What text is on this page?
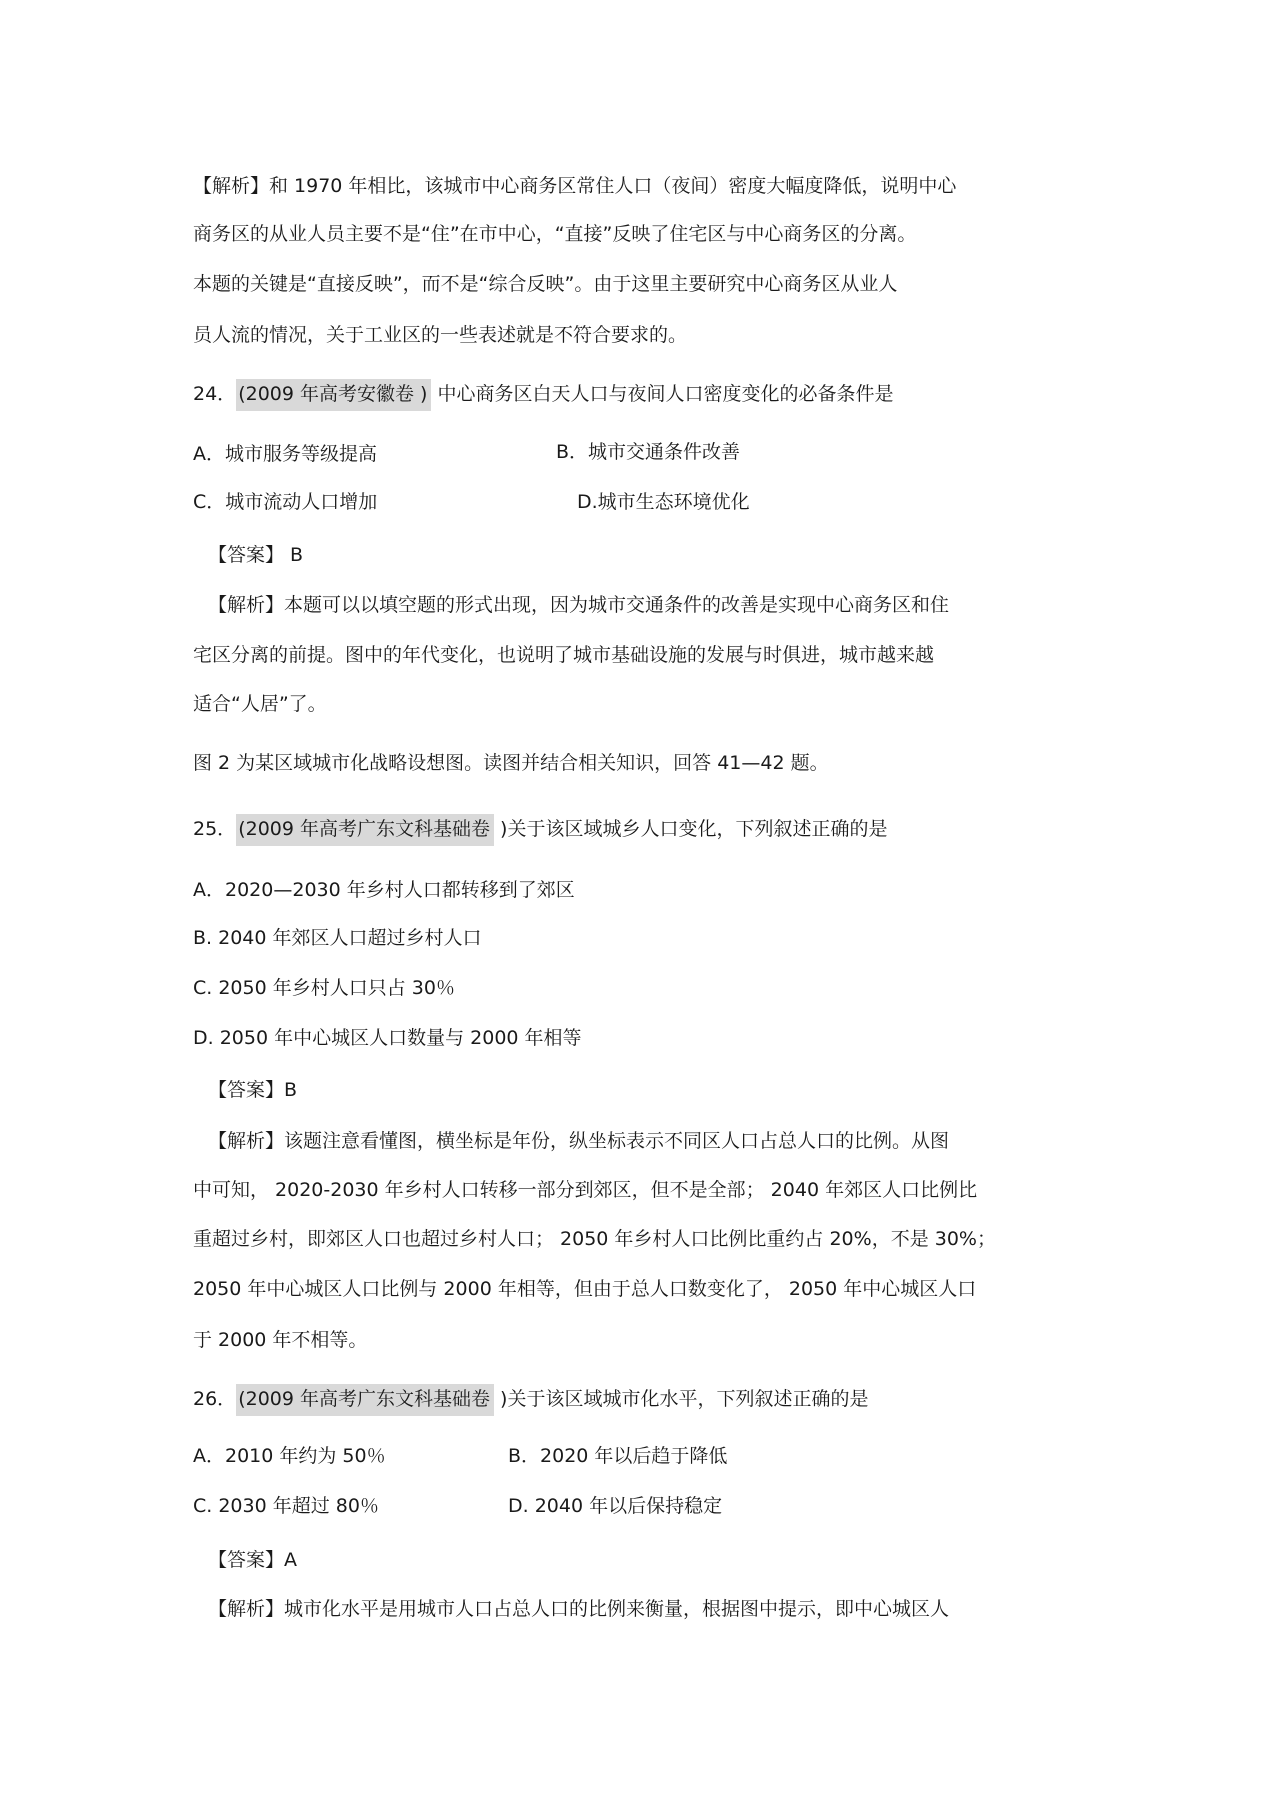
【解析】和 1970 年相比，该城市中心商务区常住人口（夜间）密度大幅度降低，说明中心
商务区的从业人员主要不是“住”在市中心，“直接”反映了住宅区与中心商务区的分离。
本题的关键是“直接反映”，而不是“综合反映”。由于这里主要研究中心商务区从业人
员人流的情况，关于工业区的一些表述就是不符合要求的。
24． (2009 年高考安徽卷 ) 中心商务区白天人口与夜间人口密度变化的必备条件是
A．城市服务等级提高	B．城市交通条件改善
C．城市流动人口增加	D.城市生态环境优化
【答案】 B
【解析】本题可以以填空题的形式出现，因为城市交通条件的改善是实现中心商务区和住
宅区分离的前提。图中的年代变化，也说明了城市基础设施的发展与时俱进，城市越来越
适合“人居”了。
图 2 为某区域城市化战略设想图。读图并结合相关知识，回答 41—42 题。
25． (2009 年高考广东文科基础卷 )关于该区域城乡人口变化，下列叙述正确的是
A．2020—2030 年乡村人口都转移到了郊区
B. 2040 年郊区人口超过乡村人口
C. 2050 年乡村人口只占 30％
D. 2050 年中心城区人口数量与 2000 年相等
【答案】B
【解析】该题注意看懂图，横坐标是年份，纵坐标表示不同区人口占总人口的比例。从图
中可知， 2020-2030 年乡村人口转移一部分到郊区，但不是全部； 2040 年郊区人口比例比
重超过乡村，即郊区人口也超过乡村人口； 2050 年乡村人口比例比重约占 20%，不是 30%；
2050 年中心城区人口比例与 2000 年相等，但由于总人口数变化了， 2050 年中心城区人口
于 2000 年不相等。
26． (2009 年高考广东文科基础卷 )关于该区域城市化水平，下列叙述正确的是
A．2010 年约为 50％	B．2020 年以后趋于降低
C. 2030 年超过 80％	D. 2040 年以后保持稳定
【答案】A
【解析】城市化水平是用城市人口占总人口的比例来衡量，根据图中提示，即中心城区人
